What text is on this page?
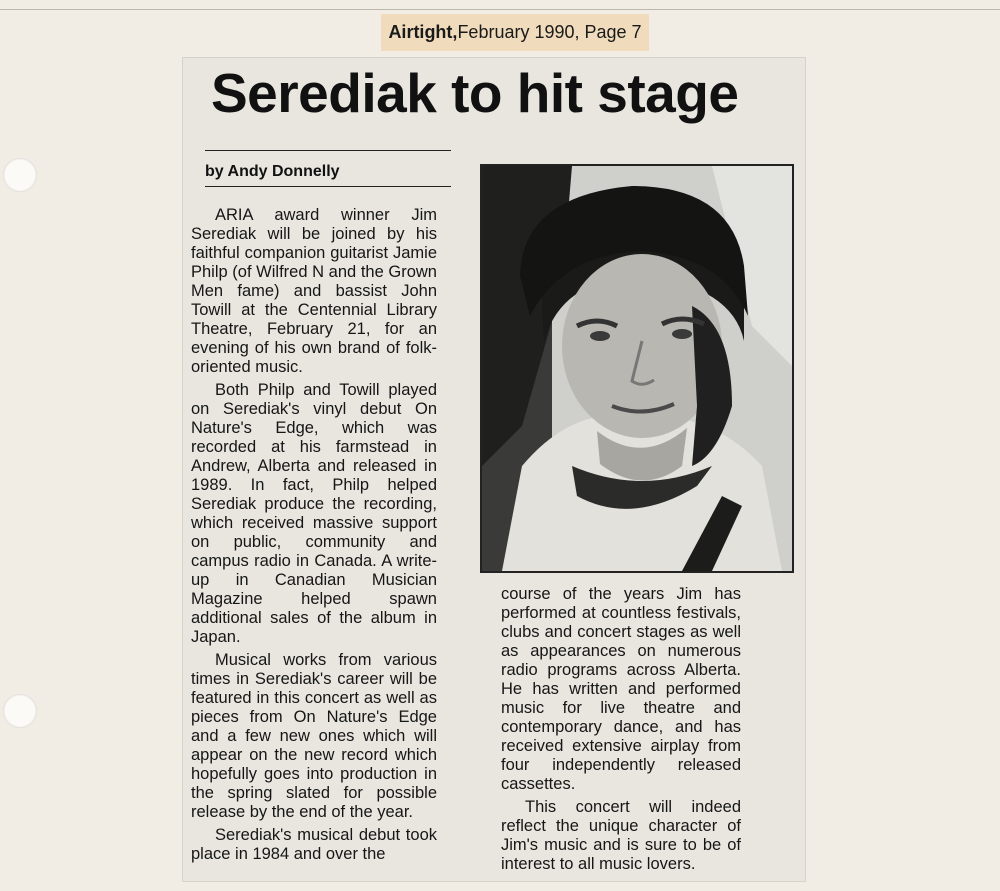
Airtight, February 1990, Page 7
Serediak to hit stage
by Andy Donnelly

ARIA award winner Jim Serediak will be joined by his faithful companion guitarist Jamie Philp (of Wilfred N and the Grown Men fame) and bassist John Towill at the Centennial Library Theatre, February 21, for an evening of his own brand of folk-oriented music.

Both Philp and Towill played on Serediak's vinyl debut On Nature's Edge, which was recorded at his farmstead in Andrew, Alberta and released in 1989. In fact, Philp helped Serediak produce the recording, which received massive support on public, community and campus radio in Canada. A write-up in Canadian Musician Magazine helped spawn additional sales of the album in Japan.

Musical works from various times in Serediak's career will be featured in this concert as well as pieces from On Nature's Edge and a few new ones which will appear on the new record which hopefully goes into production in the spring slated for possible release by the end of the year.

Serediak's musical debut took place in 1984 and over the

course of the years Jim has performed at countless festivals, clubs and concert stages as well as appearances on numerous radio programs across Alberta. He has written and performed music for live theatre and contemporary dance, and has received extensive airplay from four independently released cassettes.

This concert will indeed reflect the unique character of Jim's music and is sure to be of interest to all music lovers.
